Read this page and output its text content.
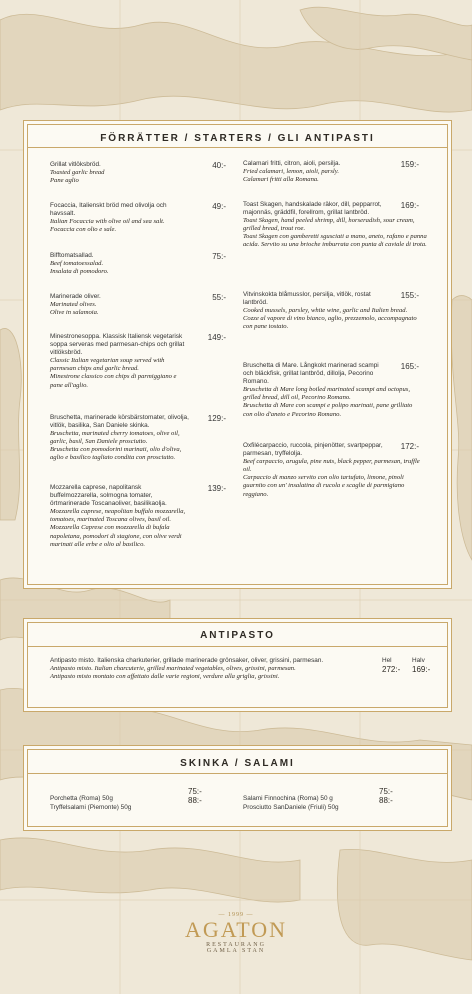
FÖRRÄTTER / STARTERS / GLI ANTIPASTI
Grillat vitlöksbröd.
Toasted garlic bread
Pane aglio
40:-
Focaccia, Italienskt bröd med olivolja och havssalt.
Italian Focaccia with olive oil and sea salt.
Focaccia con olio e sale.
49:-
Bifftomatsallad.
Beef tomatoessalad.
Insalata di pomodoro.
75:-
Marinerade oliver.
Marinated olives.
Olive in salamoia.
55:-
Minestronesoppa. Klassisk Italiensk vegetarisk soppa serveras med parmesan-chips och grillat vitlöksbröd.
Classic Italian vegetarian soup served with parmesan chips and garlic bread.
Minestrone classico con chips di parmiggiano e pane all'aglio.
149:-
Bruschetta, marinerade körsbärstomater, olivolja, vitlök, basilika, San Daniele skinka.
Bruschetta, marinated cherry tomatoes, olive oil, garlic, basil, San Daniele prosciutto.
Bruschetta con pomodorini marinati, olio d'oliva, aglio e basilico tagliato condita con prosciutto.
129:-
Mozzarella caprese, napolitansk buffelmozzarella, solmogna tomater, örtmarinerade Toscanaoliver, basilikaolja.
Mozzarella caprese, neapolitan buffalo mozzarella, tomatoes, marinated Toscana olives, basil oil.
Mozzarella Caprese con mozzarella di bufala napoletana, pomodori di stagione, con olive verdi marinati alle erbe e olio al basilico.
139:-
Calamari fritti, citron, aioli, persilja.
Fried calamari, lemon, aioli, parsly.
Calamari fritti alla Romana.
159:-
Toast Skagen, handskalade räkor, dill, pepparrot, majonnäs, gräddfil, forellrom, grillat lantbröd.
Toast Skagen, hand peeled shrimp, dill, horseradish, sour cream, grilled bread, trout roe.
Toast Skagen con gamberetti sgusciati a mano, aneto, rafano e panna acida. Servito su una brioche imburrata con punta di caviale di trota.
169:-
Vitvinskokta blåmusslor, persilja, vitlök, rostat lantbröd.
Cooked mussels, parsley, white wine, garlic and Italien bread.
Cozze al vapore di vino bianco, aglio, prezzemolo, accompagnato con pane tostato.
155:-
Bruschetta di Mare. Långkokt marinerad scampi och bläckfisk, grillat lantbröd, dillolja, Pecorino Romano.
Bruschetta di Mare long boiled marinated scampi and octopus, grilled bread, dill oil, Pecorino Romano.
Bruschetta di Mare con scampi e polipo marinati, pane grilliato con olio d'aneto e Pecorino Romano.
165:-
Oxfilécarpaccio, ruccola, pinjenötter, svartpeppar, parmesan, tryffelolja.
Beef carpaccio, arugula, pine nuts, black pepper, parmesan, truffle oil.
Carpaccio di manzo servito con olio tartufato, limone, pinoli guarnito con un' insalatina di rucola e scaglie di parmigiano reggiano.
172:-
ANTIPASTO
Antipasto misto. Italienska charkuterier, grillade marinerade grönsaker, oliver, grissini, parmesan.
Antipasto misto. Italian charcuterie, grilled marinated vegetables, olives, grissini, parmesan.
Antipasto misto montato con affettato dalle varie regioni, verdure alla griglia, grissini.
Hel
272:-
Halv
169:-
SKINKA / SALAMI
Porchetta (Roma) 50g
75:-
Tryffelsalami (Piemonte) 50g
88:-	Salami Finnochina (Roma) 50 g
75:-
Prosciutto SanDaniele (Friuli) 50g
88:-
— 1999 —
AGATON
RESTAURANG
GAMLA STAN
